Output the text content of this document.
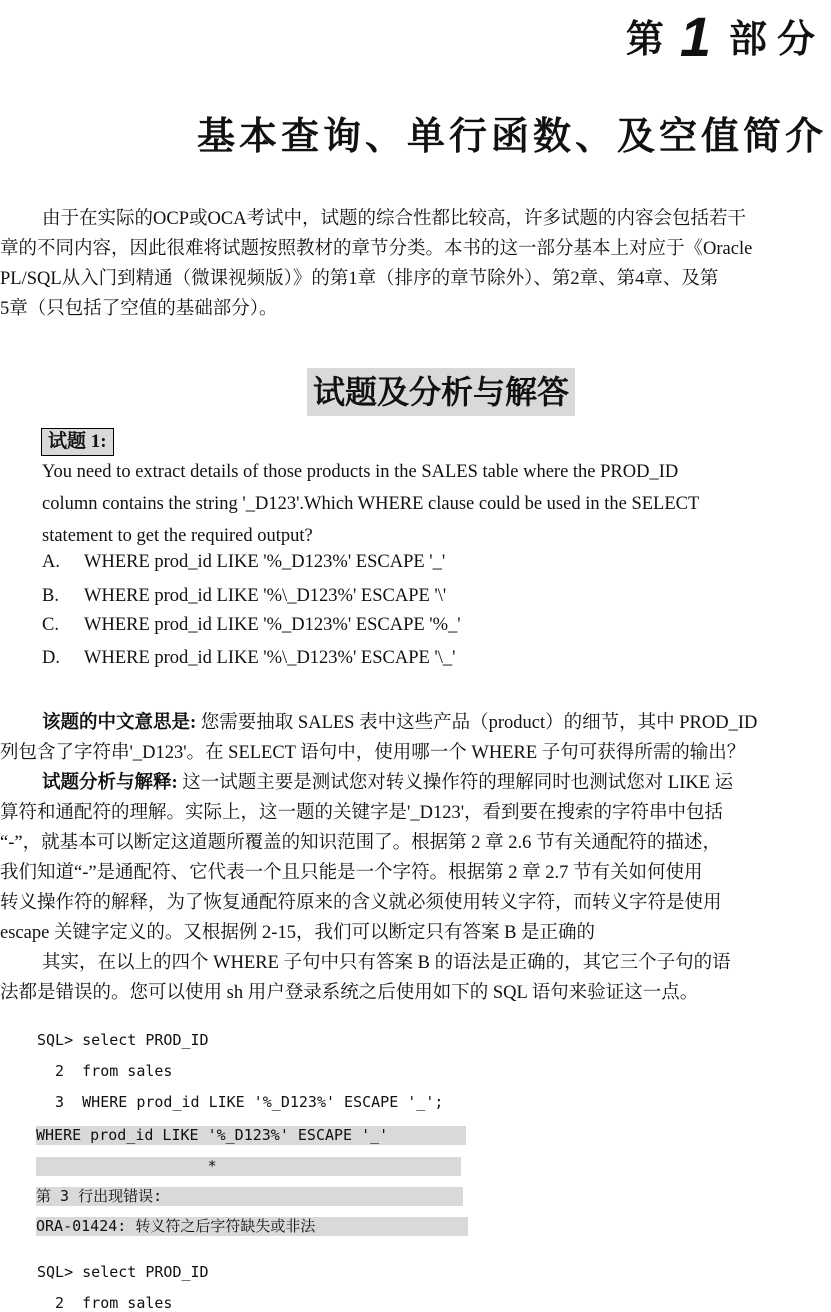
第 1 部分
基本查询、单行函数、及空值简介
由于在实际的OCP或OCA考试中，试题的综合性都比较高，许多试题的内容会包括若干
章的不同内容，因此很难将试题按照教材的章节分类。本书的这一部分基本上对应于《Oracle
PL/SQL从入门到精通（微课视频版）》的第1章（排序的章节除外）、第2章、第4章、及第
5章（只包括了空值的基础部分）。
试题及分析与解答
试题 1:
You need to extract details of those products in the SALES table where the PROD_ID
column contains the string '_D123'.Which WHERE clause could be used in the SELECT
statement to get the required output?
A. WHERE prod_id LIKE '%_D123%' ESCAPE '_'
B. WHERE prod_id LIKE '%\_D123%' ESCAPE '\'
C. WHERE prod_id LIKE '%_D123%' ESCAPE '%_'
D. WHERE prod_id LIKE '%\_D123%' ESCAPE '\_'
该题的中文意思是: 您需要抽取 SALES 表中这些产品（product）的细节，其中 PROD_ID
列包含了字符串'_D123'。在 SELECT 语句中，使用哪一个 WHERE 子句可获得所需的输出？
试题分析与解释: 这一试题主要是测试您对转义操作符的理解同时也测试您对 LIKE 运
算符和通配符的理解。实际上，这一题的关键字是'_D123'，看到要在搜索的字符串中包括
“-”，就基本可以断定这道题所覆盖的知识范围了。根据第 2 章 2.6 节有关通配符的描述，
我们知道“-”是通配符、它代表一个且只能是一个字符。根据第 2 章 2.7 节有关如何使用
转义操作符的解释，为了恢复通配符原来的含义就必须使用转义字符，而转义字符是使用
escape 关键字定义的。又根据例 2-15，我们可以断定只有答案 B 是正确的
其实，在以上的四个 WHERE 子句中只有答案 B 的语法是正确的，其它三个子句的语
法都是错误的。您可以使用 sh 用户登录系统之后使用如下的 SQL 语句来验证这一点。
SQL> select PROD_ID
2  from sales
3  WHERE prod_id LIKE '%_D123%' ESCAPE '_';
WHERE prod_id LIKE '%_D123%' ESCAPE '_'
*
第 3 行出现错误:
ORA-01424: 转义符之后字符缺失或非法
SQL> select PROD_ID
2  from sales
